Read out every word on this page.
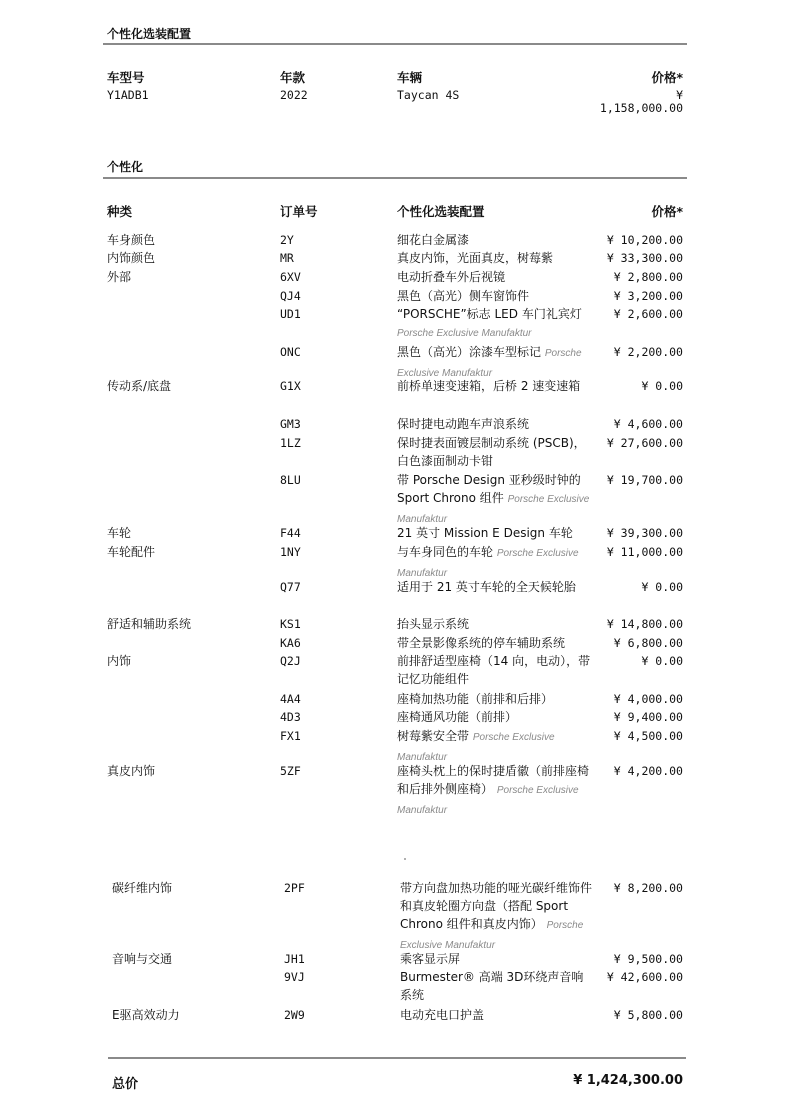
个性化选装配置
车型号	年款	车辆	价格*
Y1ADB1	2022	Taycan 4S	¥
1,158,000.00
个性化
种类	订单号	个性化选装配置	价格*
车身颜色	2Y	细花白金属漆	¥ 10,200.00
内饰颜色	MR	真皮内饰，光面真皮，树莓紫	¥ 33,300.00
外部	6XV	电动折叠车外后视镜	¥ 2,800.00
QJ4	黑色（高光）侧车窗饰件	¥ 3,200.00
UD1	“PORSCHE”标志 LED 车门礼宾灯 Porsche Exclusive Manufaktur
¥ 2,600.00
ONC	黑色（高光）涂漆车型标记 Porsche Exclusive Manufaktur
¥ 2,200.00
传动系/底盘	G1X	前桥单速变速箱，后桥 2 速变速箱	¥ 0.00
GM3	保时捷电动跑车声浪系统	¥ 4,600.00
1LZ	保时捷表面镀层制动系统 (PSCB)，白色漆面制动卡钳
¥ 27,600.00
8LU	带 Porsche Design 亚秒级时钟的 Sport Chrono 组件 Porsche Exclusive Manufaktur
¥ 19,700.00
车轮	F44	21 英寸 Mission E Design 车轮	¥ 39,300.00
车轮配件	1NY	与车身同色的车轮 Porsche Exclusive Manufaktur
¥ 11,000.00
Q77	适用于 21 英寸车轮的全天候轮胎	¥ 0.00
舒适和辅助系统	KS1	抬头显示系统	¥ 14,800.00
KA6	带全景影像系统的停车辅助系统	¥ 6,800.00
内饰	Q2J	前排舒适型座椅（14 向，电动），带记忆功能组件
¥ 0.00
4A4	座椅加热功能（前排和后排）	¥ 4,000.00
4D3	座椅通风功能（前排）	¥ 9,400.00
FX1	树莓紫安全带 Porsche Exclusive Manufaktur
¥ 4,500.00
真皮内饰	5ZF	座椅头枕上的保时捷盾徽（前排座椅和后排外侧座椅） Porsche Exclusive Manufaktur
¥ 4,200.00
碳纤维内饰	2PF	带方向盘加热功能的哑光碳纤维饰件和真皮轮圈方向盘（搭配 Sport Chrono 组件和真皮内饰） Porsche Exclusive Manufaktur
¥ 8,200.00
音响与交通	JH1	乘客显示屏	¥ 9,500.00
9VJ	Burmester® 高端 3D环绕声音响系统
¥ 42,600.00
E驱高效动力	2W9	电动充电口护盖	¥ 5,800.00
总价	¥ 1,424,300.00
